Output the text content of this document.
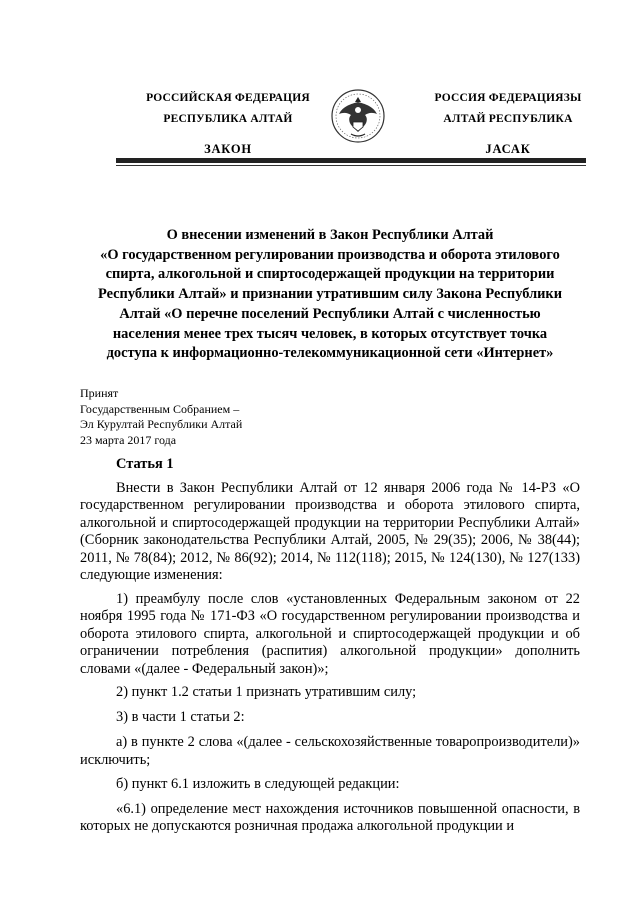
РОССИЙСКАЯ ФЕДЕРАЦИЯ
РЕСПУБЛИКА АЛТАЙ
ЗАКОН
РОССИЯ ФЕДЕРАЦИЯЗЫ
АЛТАЙ РЕСПУБЛИКА
JАСАК
О внесении изменений в Закон Республики Алтай
«О государственном регулировании производства и оборота этилового
спирта, алкогольной и спиртосодержащей продукции на территории
Республики Алтай» и признании утратившим силу Закона Республики
Алтай «О перечне поселений Республики Алтай с численностью
населения менее трех тысяч человек, в которых отсутствует точка
доступа к информационно-телекоммуникационной сети «Интернет»
Принят
Государственным Собранием –
Эл Курултай Республики Алтай
23 марта 2017 года
Статья 1

Внести в Закон Республики Алтай от 12 января 2006 года № 14-РЗ «О государственном регулировании производства и оборота этилового спирта, алкогольной и спиртосодержащей продукции на территории Республики Алтай» (Сборник законодательства Республики Алтай, 2005, № 29(35); 2006, № 38(44); 2011, № 78(84); 2012, № 86(92); 2014, № 112(118); 2015, № 124(130), № 127(133) следующие изменения:

1) преамбулу после слов «установленных Федеральным законом от 22 ноября 1995 года № 171-ФЗ «О государственном регулировании производства и оборота этилового спирта, алкогольной и спиртосодержащей продукции и об ограничении потребления (распития) алкогольной продукции» дополнить словами «(далее - Федеральный закон)»;

2) пункт 1.2 статьи 1 признать утратившим силу;

3) в части 1 статьи 2:

а) в пункте 2 слова «(далее - сельскохозяйственные товаропроизводители)» исключить;

б) пункт 6.1 изложить в следующей редакции:

«6.1) определение мест нахождения источников повышенной опасности, в которых не допускаются розничная продажа алкогольной продукции и
